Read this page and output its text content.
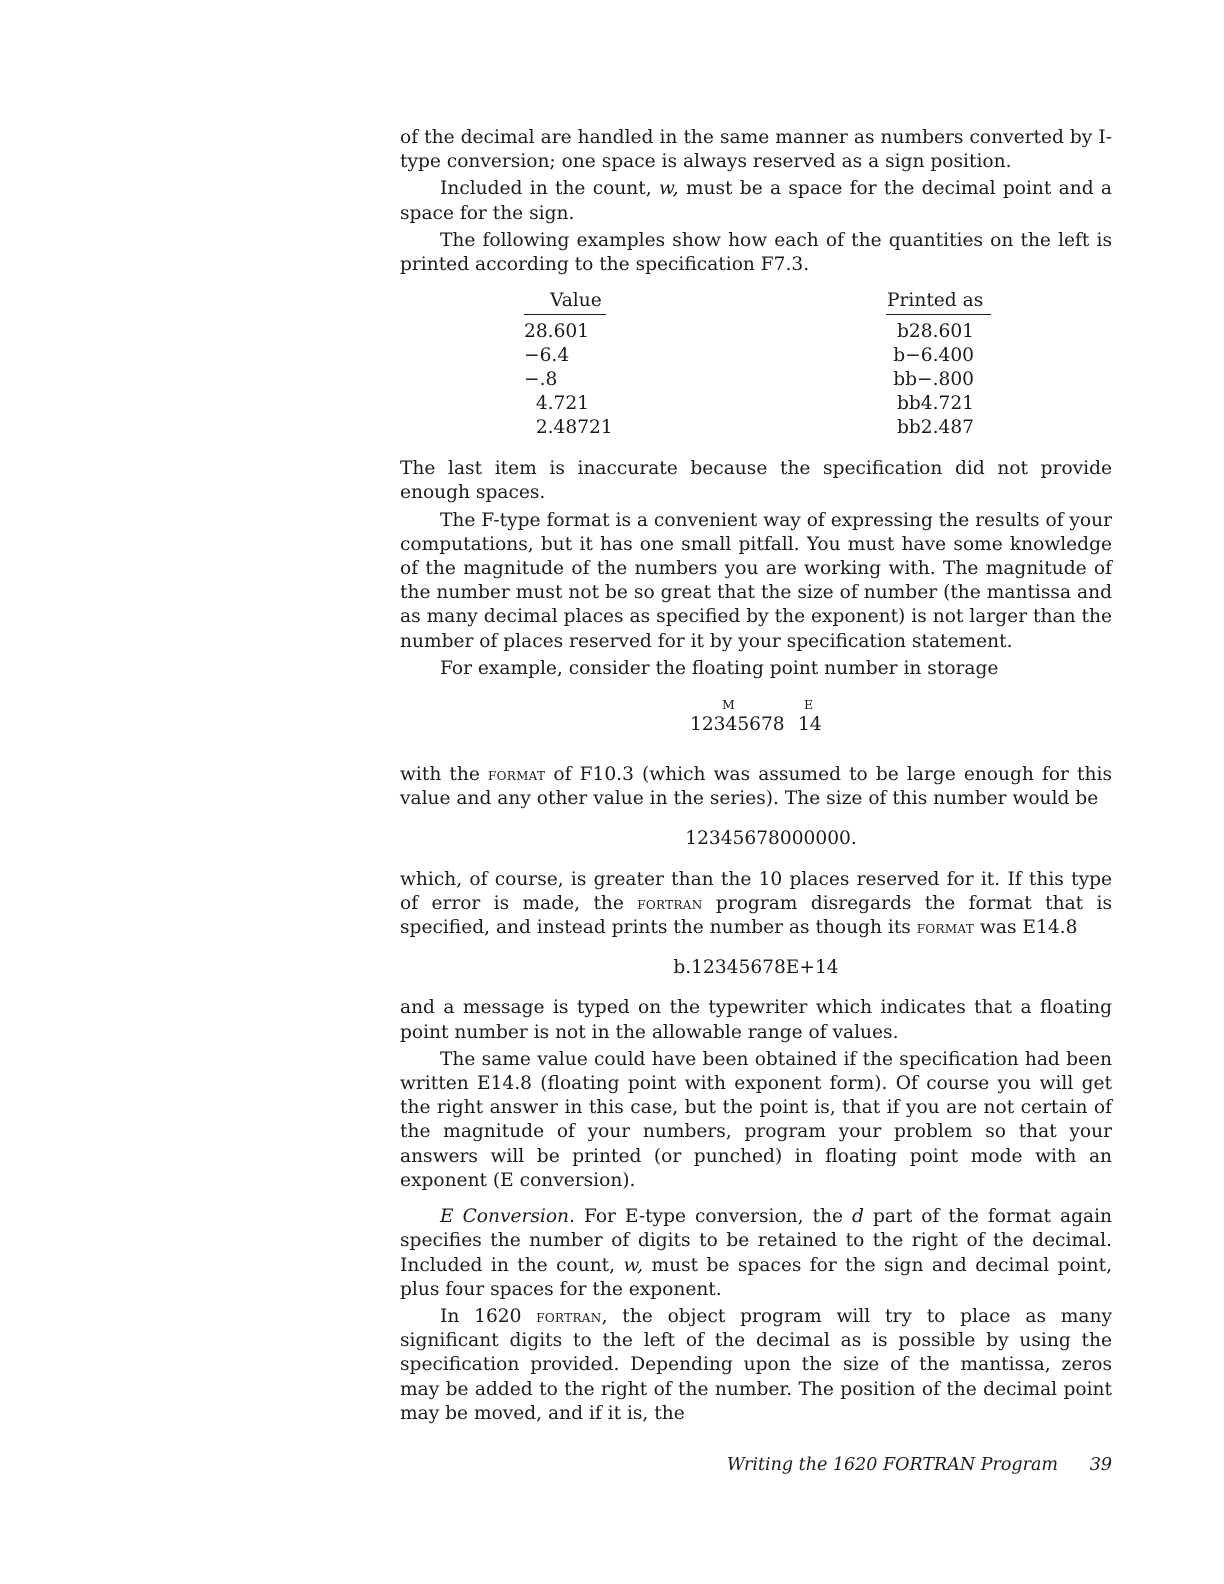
of the decimal are handled in the same manner as numbers converted by I-type conversion; one space is always reserved as a sign position.

Included in the count, w, must be a space for the decimal point and a space for the sign.

The following examples show how each of the quantities on the left is printed according to the specification F7.3.

Value
28.601
−6.4
−.8
4.721
2.48721
Printed as
b28.601
b−6.400
bb−.800
bb4.721
bb2.487

The last item is inaccurate because the specification did not provide enough spaces.

The F-type format is a convenient way of expressing the results of your computations, but it has one small pitfall. You must have some knowledge of the magnitude of the numbers you are working with. The magnitude of the number must not be so great that the size of number (the mantissa and as many decimal places as specified by the exponent) is not larger than the number of places reserved for it by your specification statement.

For example, consider the floating point number in storage

M	E
12345678 14

with the format of F10.3 (which was assumed to be large enough for this value and any other value in the series). The size of this number would be

12345678000000.

which, of course, is greater than the 10 places reserved for it. If this type of error is made, the fortran program disregards the format that is specified, and instead prints the number as though its format was E14.8

b.12345678E+14

and a message is typed on the typewriter which indicates that a floating point number is not in the allowable range of values.

The same value could have been obtained if the specification had been written E14.8 (floating point with exponent form). Of course you will get the right answer in this case, but the point is, that if you are not certain of the magnitude of your numbers, program your problem so that your answers will be printed (or punched) in floating point mode with an exponent (E conversion).

E Conversion. For E-type conversion, the d part of the format again specifies the number of digits to be retained to the right of the decimal. Included in the count, w, must be spaces for the sign and decimal point, plus four spaces for the exponent.

In 1620 fortran, the object program will try to place as many significant digits to the left of the decimal as is possible by using the specification provided. Depending upon the size of the mantissa, zeros may be added to the right of the number. The position of the decimal point may be moved, and if it is, the

Writing the 1620 FORTRAN Program 39
